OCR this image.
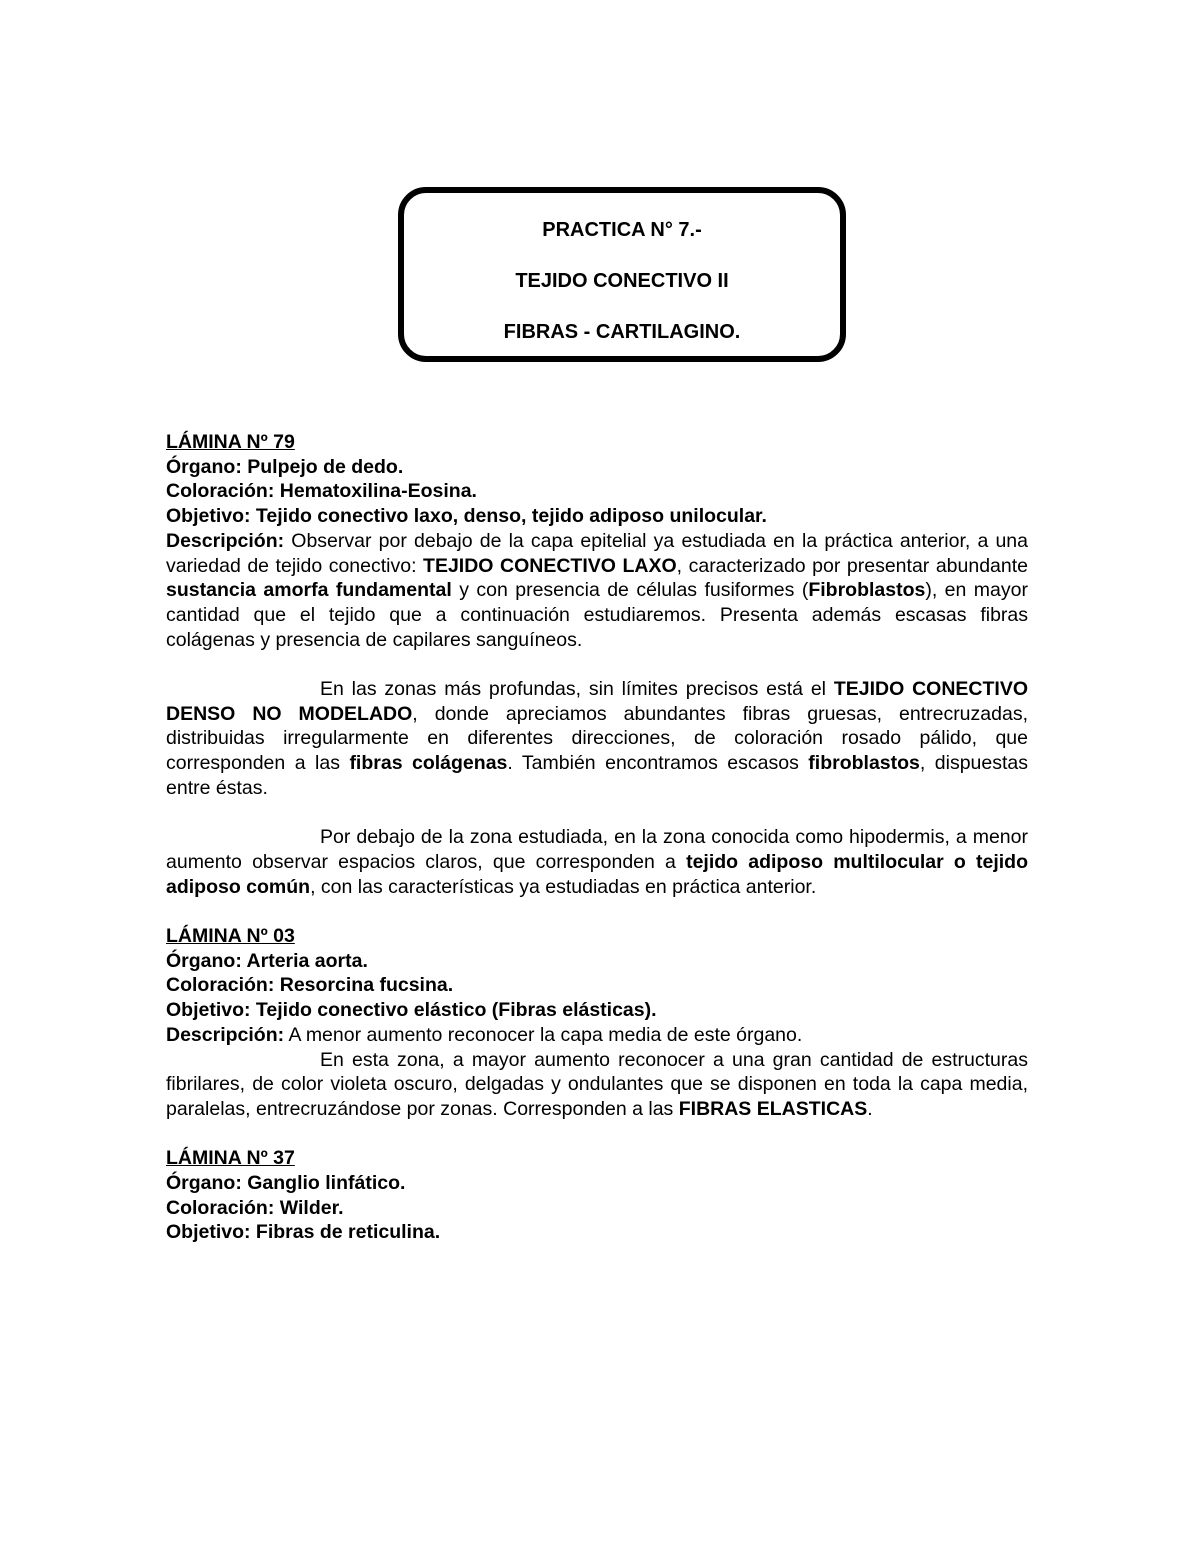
PRACTICA N° 7.-
TEJIDO CONECTIVO II
FIBRAS - CARTILAGINO.
LÁMINA Nº 79
Órgano: Pulpejo de dedo.
Coloración: Hematoxilina-Eosina.
Objetivo: Tejido conectivo laxo, denso, tejido adiposo unilocular.

Descripción: Observar por debajo de la capa epitelial ya estudiada en la práctica anterior, a una variedad de tejido conectivo: TEJIDO CONECTIVO LAXO, caracterizado por presentar abundante sustancia amorfa fundamental y con presencia de células fusiformes (Fibroblastos), en mayor cantidad que el tejido que a continuación estudiaremos. Presenta además escasas fibras colágenas y presencia de capilares sanguíneos.

En las zonas más profundas, sin límites precisos está el TEJIDO CONECTIVO DENSO NO MODELADO, donde apreciamos abundantes fibras gruesas, entrecruzadas, distribuidas irregularmente en diferentes direcciones, de coloración rosado pálido, que corresponden a las fibras colágenas. También encontramos escasos fibroblastos, dispuestas entre éstas.

Por debajo de la zona estudiada, en la zona conocida como hipodermis, a menor aumento observar espacios claros, que corresponden a tejido adiposo multilocular o tejido adiposo común, con las características ya estudiadas en práctica anterior.

LÁMINA Nº 03
Órgano: Arteria aorta.
Coloración: Resorcina fucsina.
Objetivo: Tejido conectivo elástico (Fibras elásticas).

Descripción: A menor aumento reconocer la capa media de este órgano.

En esta zona, a mayor aumento reconocer a una gran cantidad de estructuras fibrilares, de color violeta oscuro, delgadas y ondulantes que se disponen en toda la capa media, paralelas, entrecruzándose por zonas. Corresponden a las FIBRAS ELASTICAS.

LÁMINA Nº 37
Órgano: Ganglio linfático.
Coloración: Wilder.
Objetivo: Fibras de reticulina.
